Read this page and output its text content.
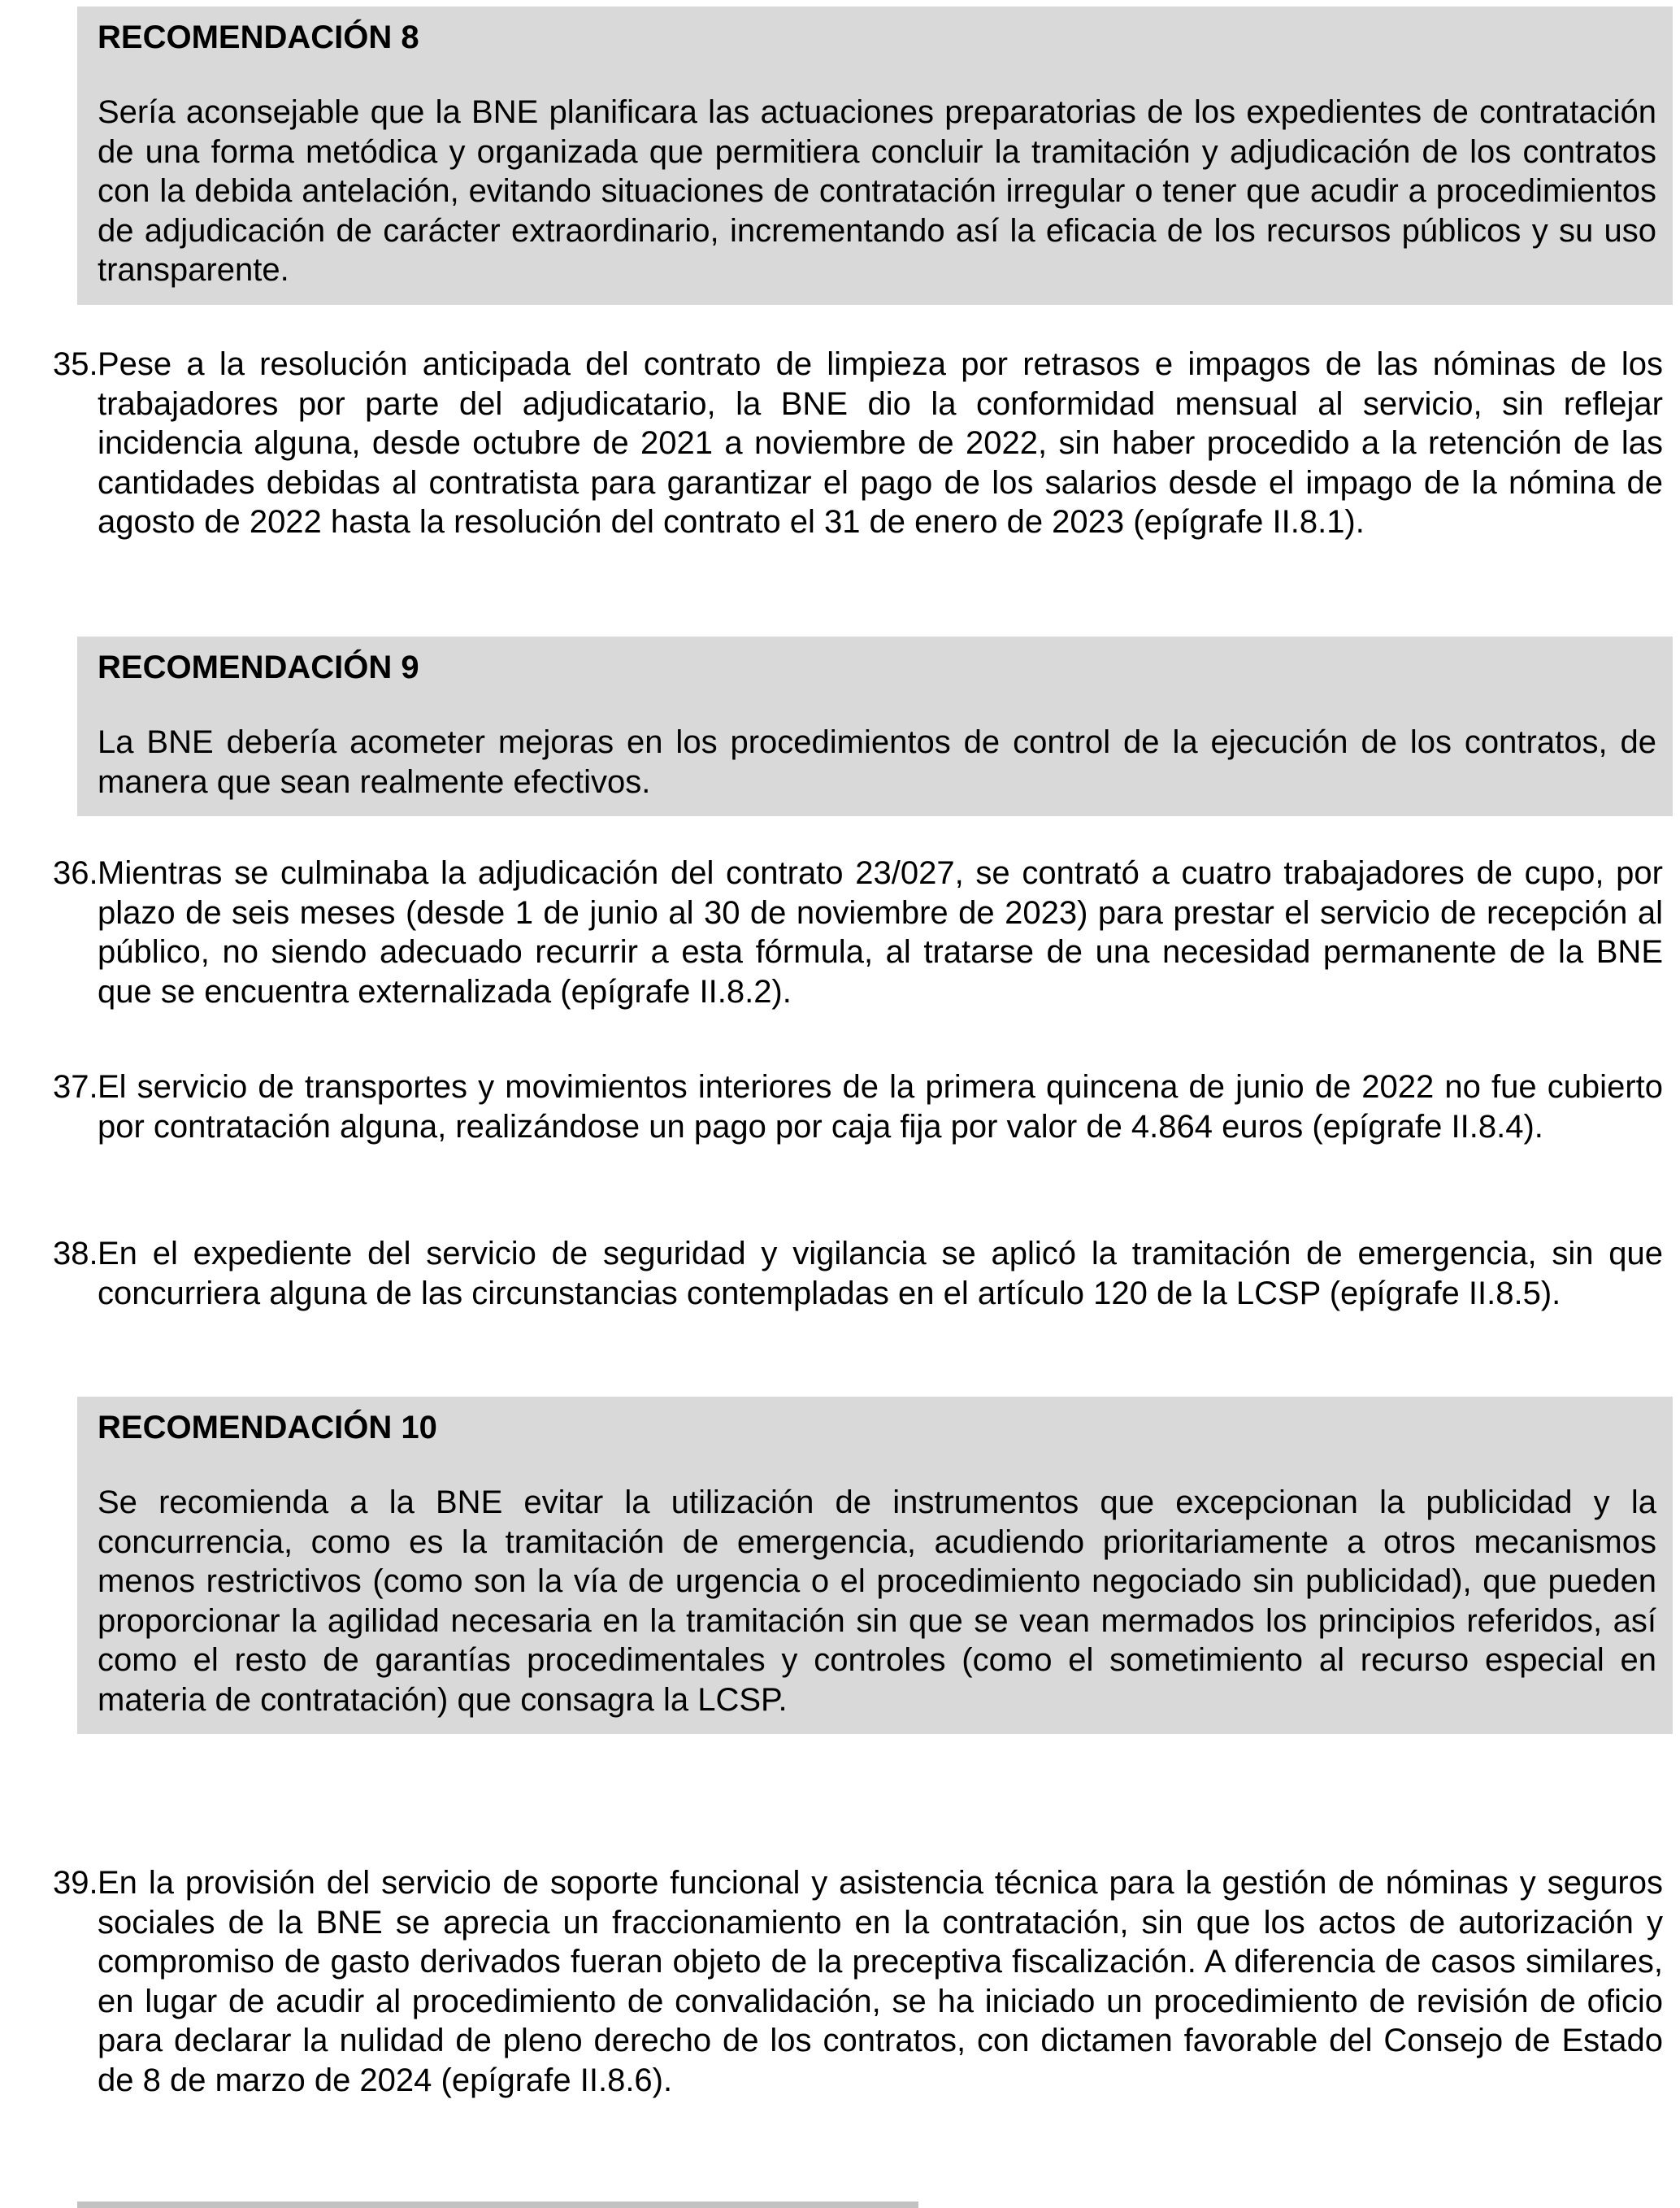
RECOMENDACIÓN 8

Sería aconsejable que la BNE planificara las actuaciones preparatorias de los expedientes de contratación de una forma metódica y organizada que permitiera concluir la tramitación y adjudicación de los contratos con la debida antelación, evitando situaciones de contratación irregular o tener que acudir a procedimientos de adjudicación de carácter extraordinario, incrementando así la eficacia de los recursos públicos y su uso transparente.

35.Pese a la resolución anticipada del contrato de limpieza por retrasos e impagos de las nóminas de los trabajadores por parte del adjudicatario, la BNE dio la conformidad mensual al servicio, sin reflejar incidencia alguna, desde octubre de 2021 a noviembre de 2022, sin haber procedido a la retención de las cantidades debidas al contratista para garantizar el pago de los salarios desde el impago de la nómina de agosto de 2022 hasta la resolución del contrato el 31 de enero de 2023 (epígrafe II.8.1).

RECOMENDACIÓN 9

La BNE debería acometer mejoras en los procedimientos de control de la ejecución de los contratos, de manera que sean realmente efectivos.

36.Mientras se culminaba la adjudicación del contrato 23/027, se contrató a cuatro trabajadores de cupo, por plazo de seis meses (desde 1 de junio al 30 de noviembre de 2023) para prestar el servicio de recepción al público, no siendo adecuado recurrir a esta fórmula, al tratarse de una necesidad permanente de la BNE que se encuentra externalizada (epígrafe II.8.2).

37.El servicio de transportes y movimientos interiores de la primera quincena de junio de 2022 no fue cubierto por contratación alguna, realizándose un pago por caja fija por valor de 4.864 euros (epígrafe II.8.4).

38.En el expediente del servicio de seguridad y vigilancia se aplicó la tramitación de emergencia, sin que concurriera alguna de las circunstancias contempladas en el artículo 120 de la LCSP (epígrafe II.8.5).

RECOMENDACIÓN 10

Se recomienda a la BNE evitar la utilización de instrumentos que excepcionan la publicidad y la concurrencia, como es la tramitación de emergencia, acudiendo prioritariamente a otros mecanismos menos restrictivos (como son la vía de urgencia o el procedimiento negociado sin publicidad), que pueden proporcionar la agilidad necesaria en la tramitación sin que se vean mermados los principios referidos, así como el resto de garantías procedimentales y controles (como el sometimiento al recurso especial en materia de contratación) que consagra la LCSP.

39.En la provisión del servicio de soporte funcional y asistencia técnica para la gestión de nóminas y seguros sociales de la BNE se aprecia un fraccionamiento en la contratación, sin que los actos de autorización y compromiso de gasto derivados fueran objeto de la preceptiva fiscalización. A diferencia de casos similares, en lugar de acudir al procedimiento de convalidación, se ha iniciado un procedimiento de revisión de oficio para declarar la nulidad de pleno derecho de los contratos, con dictamen favorable del Consejo de Estado de 8 de marzo de 2024 (epígrafe II.8.6).
